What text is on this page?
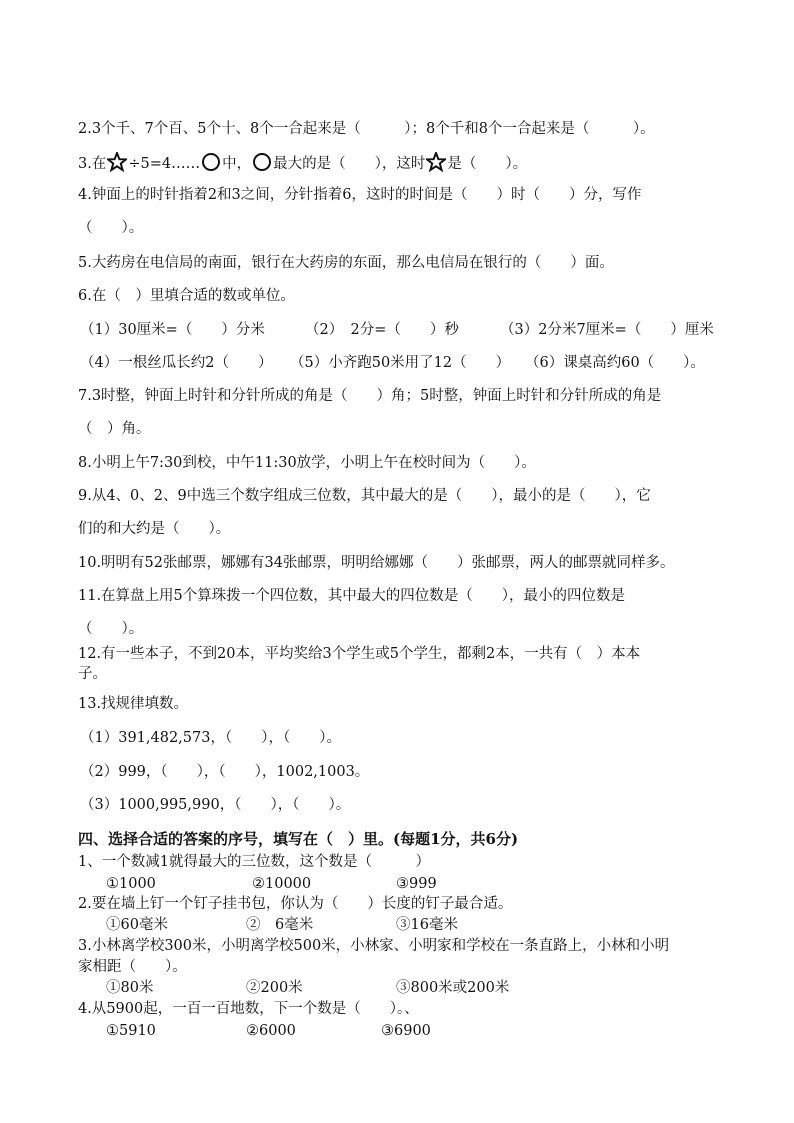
2.3个千、7个百、5个十、8个一合起来是（　　　）；8个千和8个一合起来是（　　　）。
3.在 ÷5=4…… 中， 最大的是（　　），这时 是（　　）。
4.钟面上的时针指着2和3之间，分针指着6，这时的时间是（　　）时（　　）分，写作
（　　）。
5.大药房在电信局的南面，银行在大药房的东面，那么电信局在银行的（　　）面。
6.在（　）里填合适的数或单位。
（1）30厘米=（　　）分米	（2）　2分=（　　）秒	（3）2分米7厘米=（　　）厘米
（4）一根丝瓜长约2（　　） （5）小齐跑50米用了12（　　） （6）课桌高约60（　　）。
7.3时整，钟面上时针和分针所成的角是（　　）角；5时整，钟面上时针和分针所成的角是
（　）角。
8.小明上午7:30到校，中午11:30放学，小明上午在校时间为（　　）。
9.从4、0、2、9中选三个数字组成三位数，其中最大的是（　　），最小的是（　　），它
们的和大约是（　　）。
10.明明有52张邮票，娜娜有34张邮票，明明给娜娜（　　）张邮票，两人的邮票就同样多。
11.在算盘上用5个算珠拨一个四位数，其中最大的四位数是（　　），最小的四位数是
（　　）。
12.有一些本子，不到20本，平均奖给3个学生或5个学生，都剩2本，一共有（　）本本
子。
13.找规律填数。
（1）391,482,573，（　　），（　　）。
（2）999，（　　），（　　），1002,1003。
（3）1000,995,990，（　　），（　　）。
四、选择合适的答案的序号，填写在（　）里。(每题1分，共6分)
1、一个数减1就得最大的三位数，这个数是（　　　）
①1000	②10000	③999
2.要在墙上钉一个钉子挂书包，你认为（　　）长度的钉子最合适。
①60毫米	②　6毫米	③16毫米
3.小林离学校300米，小明离学校500米，小林家、小明家和学校在一条直路上，小林和小明
家相距（　　）。
①80米	②200米	③800米或200米
4.从5900起，一百一百地数，下一个数是（　　）。、
①5910	②6000	③6900
